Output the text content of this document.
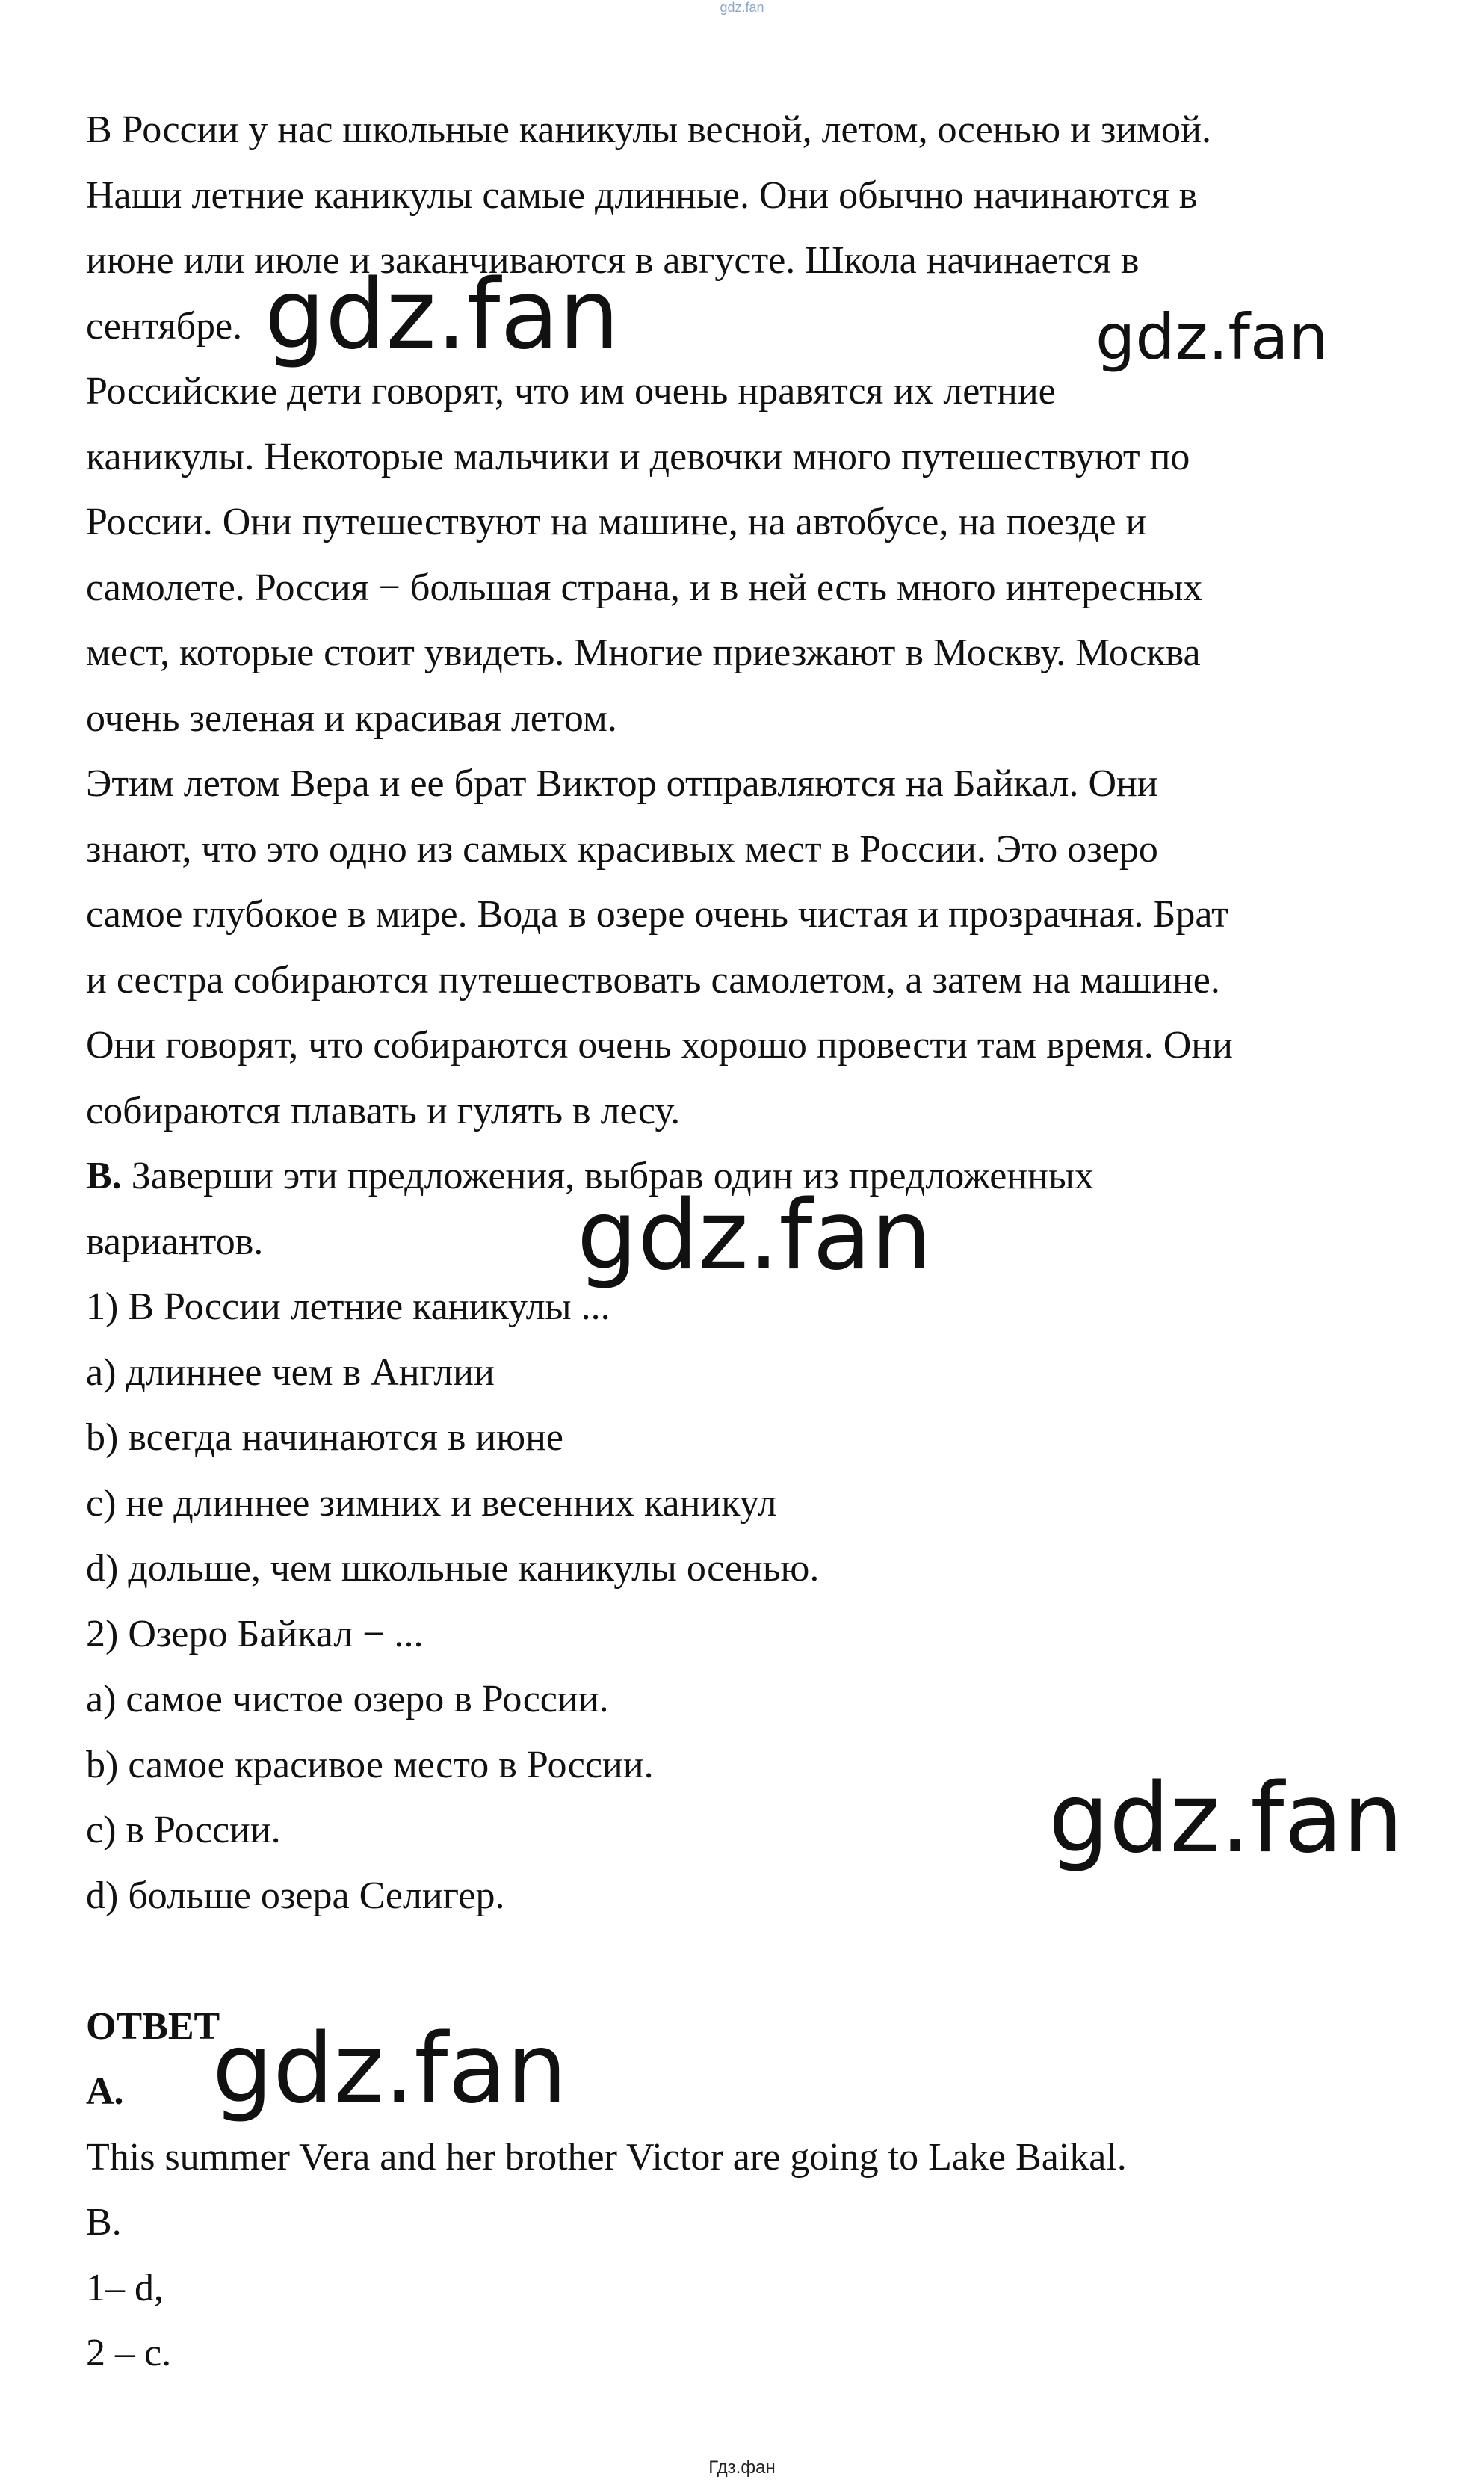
gdz.fan
В России у нас школьные каникулы весной, летом, осенью и зимой.
Наши летние каникулы самые длинные. Они обычно начинаются в
июне или июле и заканчиваются в августе. Школа начинается в
сентябре.
Российские дети говорят, что им очень нравятся их летние
каникулы. Некоторые мальчики и девочки много путешествуют по
России. Они путешествуют на машине, на автобусе, на поезде и
самолете. Россия − большая страна, и в ней есть много интересных
мест, которые стоит увидеть. Многие приезжают в Москву. Москва
очень зеленая и красивая летом.
Этим летом Вера и ее брат Виктор отправляются на Байкал. Они
знают, что это одно из самых красивых мест в России. Это озеро
самое глубокое в мире. Вода в озере очень чистая и прозрачная. Брат
и сестра собираются путешествовать самолетом, а затем на машине.
Они говорят, что собираются очень хорошо провести там время. Они
собираются плавать и гулять в лесу.
B. Заверши эти предложения, выбрав один из предложенных
вариантов.
1) В России летние каникулы ...
a) длиннее чем в Англии
b) всегда начинаются в июне
c) не длиннее зимних и весенних каникул
d) дольше, чем школьные каникулы осенью.
2) Озеро Байкал − ...
a) самое чистое озеро в России.
b) самое красивое место в России.
c) в России.
d) больше озера Селигер.
ОТВЕТ
A.
This summer Vera and her brother Victor are going to Lake Baikal.
B.
1– d,
2 – c.
gdz.fan	gdz.fan
gdz.fan
gdz.fan
gdz.fan
Гдз.фан
